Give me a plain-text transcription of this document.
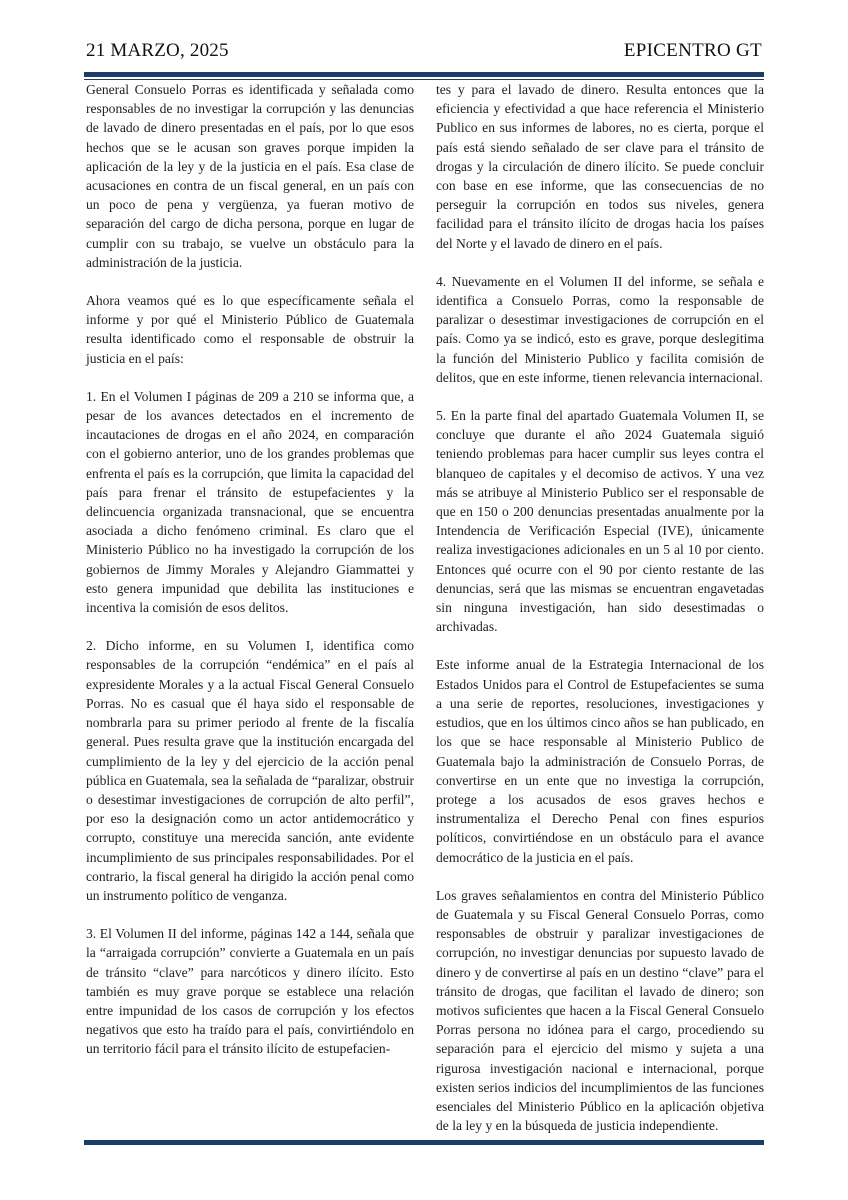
21 MARZO, 2025	EPICENTRO GT

General Consuelo Porras es identificada y señalada como responsables de no investigar la corrupción y las denuncias de lavado de dinero presentadas en el país, por lo que esos hechos que se le acusan son graves porque impiden la aplicación de la ley y de la justicia en el país. Esa clase de acusaciones en contra de un fiscal general, en un país con un poco de pena y vergüenza, ya fueran motivo de separación del cargo de dicha persona, porque en lugar de cumplir con su trabajo, se vuelve un obstáculo para la administración de la justicia.

Ahora veamos qué es lo que específicamente señala el informe y por qué el Ministerio Público de Guatemala resulta identificado como el responsable de obstruir la justicia en el país:

1. En el Volumen I páginas de 209 a 210 se informa que, a pesar de los avances detectados en el incremento de incautaciones de drogas en el año 2024, en comparación con el gobierno anterior, uno de los grandes problemas que enfrenta el país es la corrupción, que limita la capacidad del país para frenar el tránsito de estupefacientes y la delincuencia organizada transnacional, que se encuentra asociada a dicho fenómeno criminal. Es claro que el Ministerio Público no ha investigado la corrupción de los gobiernos de Jimmy Morales y Alejandro Giammattei y esto genera impunidad que debilita las instituciones e incentiva la comisión de esos delitos.

2. Dicho informe, en su Volumen I, identifica como responsables de la corrupción “endémica” en el país al expresidente Morales y a la actual Fiscal General Consuelo Porras. No es casual que él haya sido el responsable de nombrarla para su primer periodo al frente de la fiscalía general. Pues resulta grave que la institución encargada del cumplimiento de la ley y del ejercicio de la acción penal pública en Guatemala, sea la señalada de “paralizar, obstruir o desestimar investigaciones de corrupción de alto perfil”, por eso la designación como un actor antidemocrático y corrupto, constituye una merecida sanción, ante evidente incumplimiento de sus principales responsabilidades. Por el contrario, la fiscal general ha dirigido la acción penal como un instrumento político de venganza.

3. El Volumen II del informe, páginas 142 a 144, señala que la “arraigada corrupción” convierte a Guatemala en un país de tránsito “clave” para narcóticos y dinero ilícito. Esto también es muy grave porque se establece una relación entre impunidad de los casos de corrupción y los efectos negativos que esto ha traído para el país, convirtiéndolo en un territorio fácil para el tránsito ilícito de estupefacien-

tes y para el lavado de dinero. Resulta entonces que la eficiencia y efectividad a que hace referencia el Ministerio Publico en sus informes de labores, no es cierta, porque el país está siendo señalado de ser clave para el tránsito de drogas y la circulación de dinero ilícito. Se puede concluir con base en ese informe, que las consecuencias de no perseguir la corrupción en todos sus niveles, genera facilidad para el tránsito ilícito de drogas hacia los países del Norte y el lavado de dinero en el país.

4. Nuevamente en el Volumen II del informe, se señala e identifica a Consuelo Porras, como la responsable de paralizar o desestimar investigaciones de corrupción en el país. Como ya se indicó, esto es grave, porque deslegitima la función del Ministerio Publico y facilita comisión de delitos, que en este informe, tienen relevancia internacional.

5. En la parte final del apartado Guatemala Volumen II, se concluye que durante el año 2024 Guatemala siguió teniendo problemas para hacer cumplir sus leyes contra el blanqueo de capitales y el decomiso de activos. Y una vez más se atribuye al Ministerio Publico ser el responsable de que en 150 o 200 denuncias presentadas anualmente por la Intendencia de Verificación Especial (IVE), únicamente realiza investigaciones adicionales en un 5 al 10 por ciento. Entonces qué ocurre con el 90 por ciento restante de las denuncias, será que las mismas se encuentran engavetadas sin ninguna investigación, han sido desestimadas o archivadas.

Este informe anual de la Estrategia Internacional de los Estados Unidos para el Control de Estupefacientes se suma a una serie de reportes, resoluciones, investigaciones y estudios, que en los últimos cinco años se han publicado, en los que se hace responsable al Ministerio Publico de Guatemala bajo la administración de Consuelo Porras, de convertirse en un ente que no investiga la corrupción, protege a los acusados de esos graves hechos e instrumentaliza el Derecho Penal con fines espurios políticos, convirtiéndose en un obstáculo para el avance democrático de la justicia en el país.

Los graves señalamientos en contra del Ministerio Público de Guatemala y su Fiscal General Consuelo Porras, como responsables de obstruir y paralizar investigaciones de corrupción, no investigar denuncias por supuesto lavado de dinero y de convertirse al país en un destino “clave” para el tránsito de drogas, que facilitan el lavado de dinero; son motivos suficientes que hacen a la Fiscal General Consuelo Porras persona no idónea para el cargo, procediendo su separación para el ejercicio del mismo y sujeta a una rigurosa investigación nacional e internacional, porque existen serios indicios del incumplimientos de las funciones esenciales del Ministerio Público en la aplicación objetiva de la ley y en la búsqueda de justicia independiente.
